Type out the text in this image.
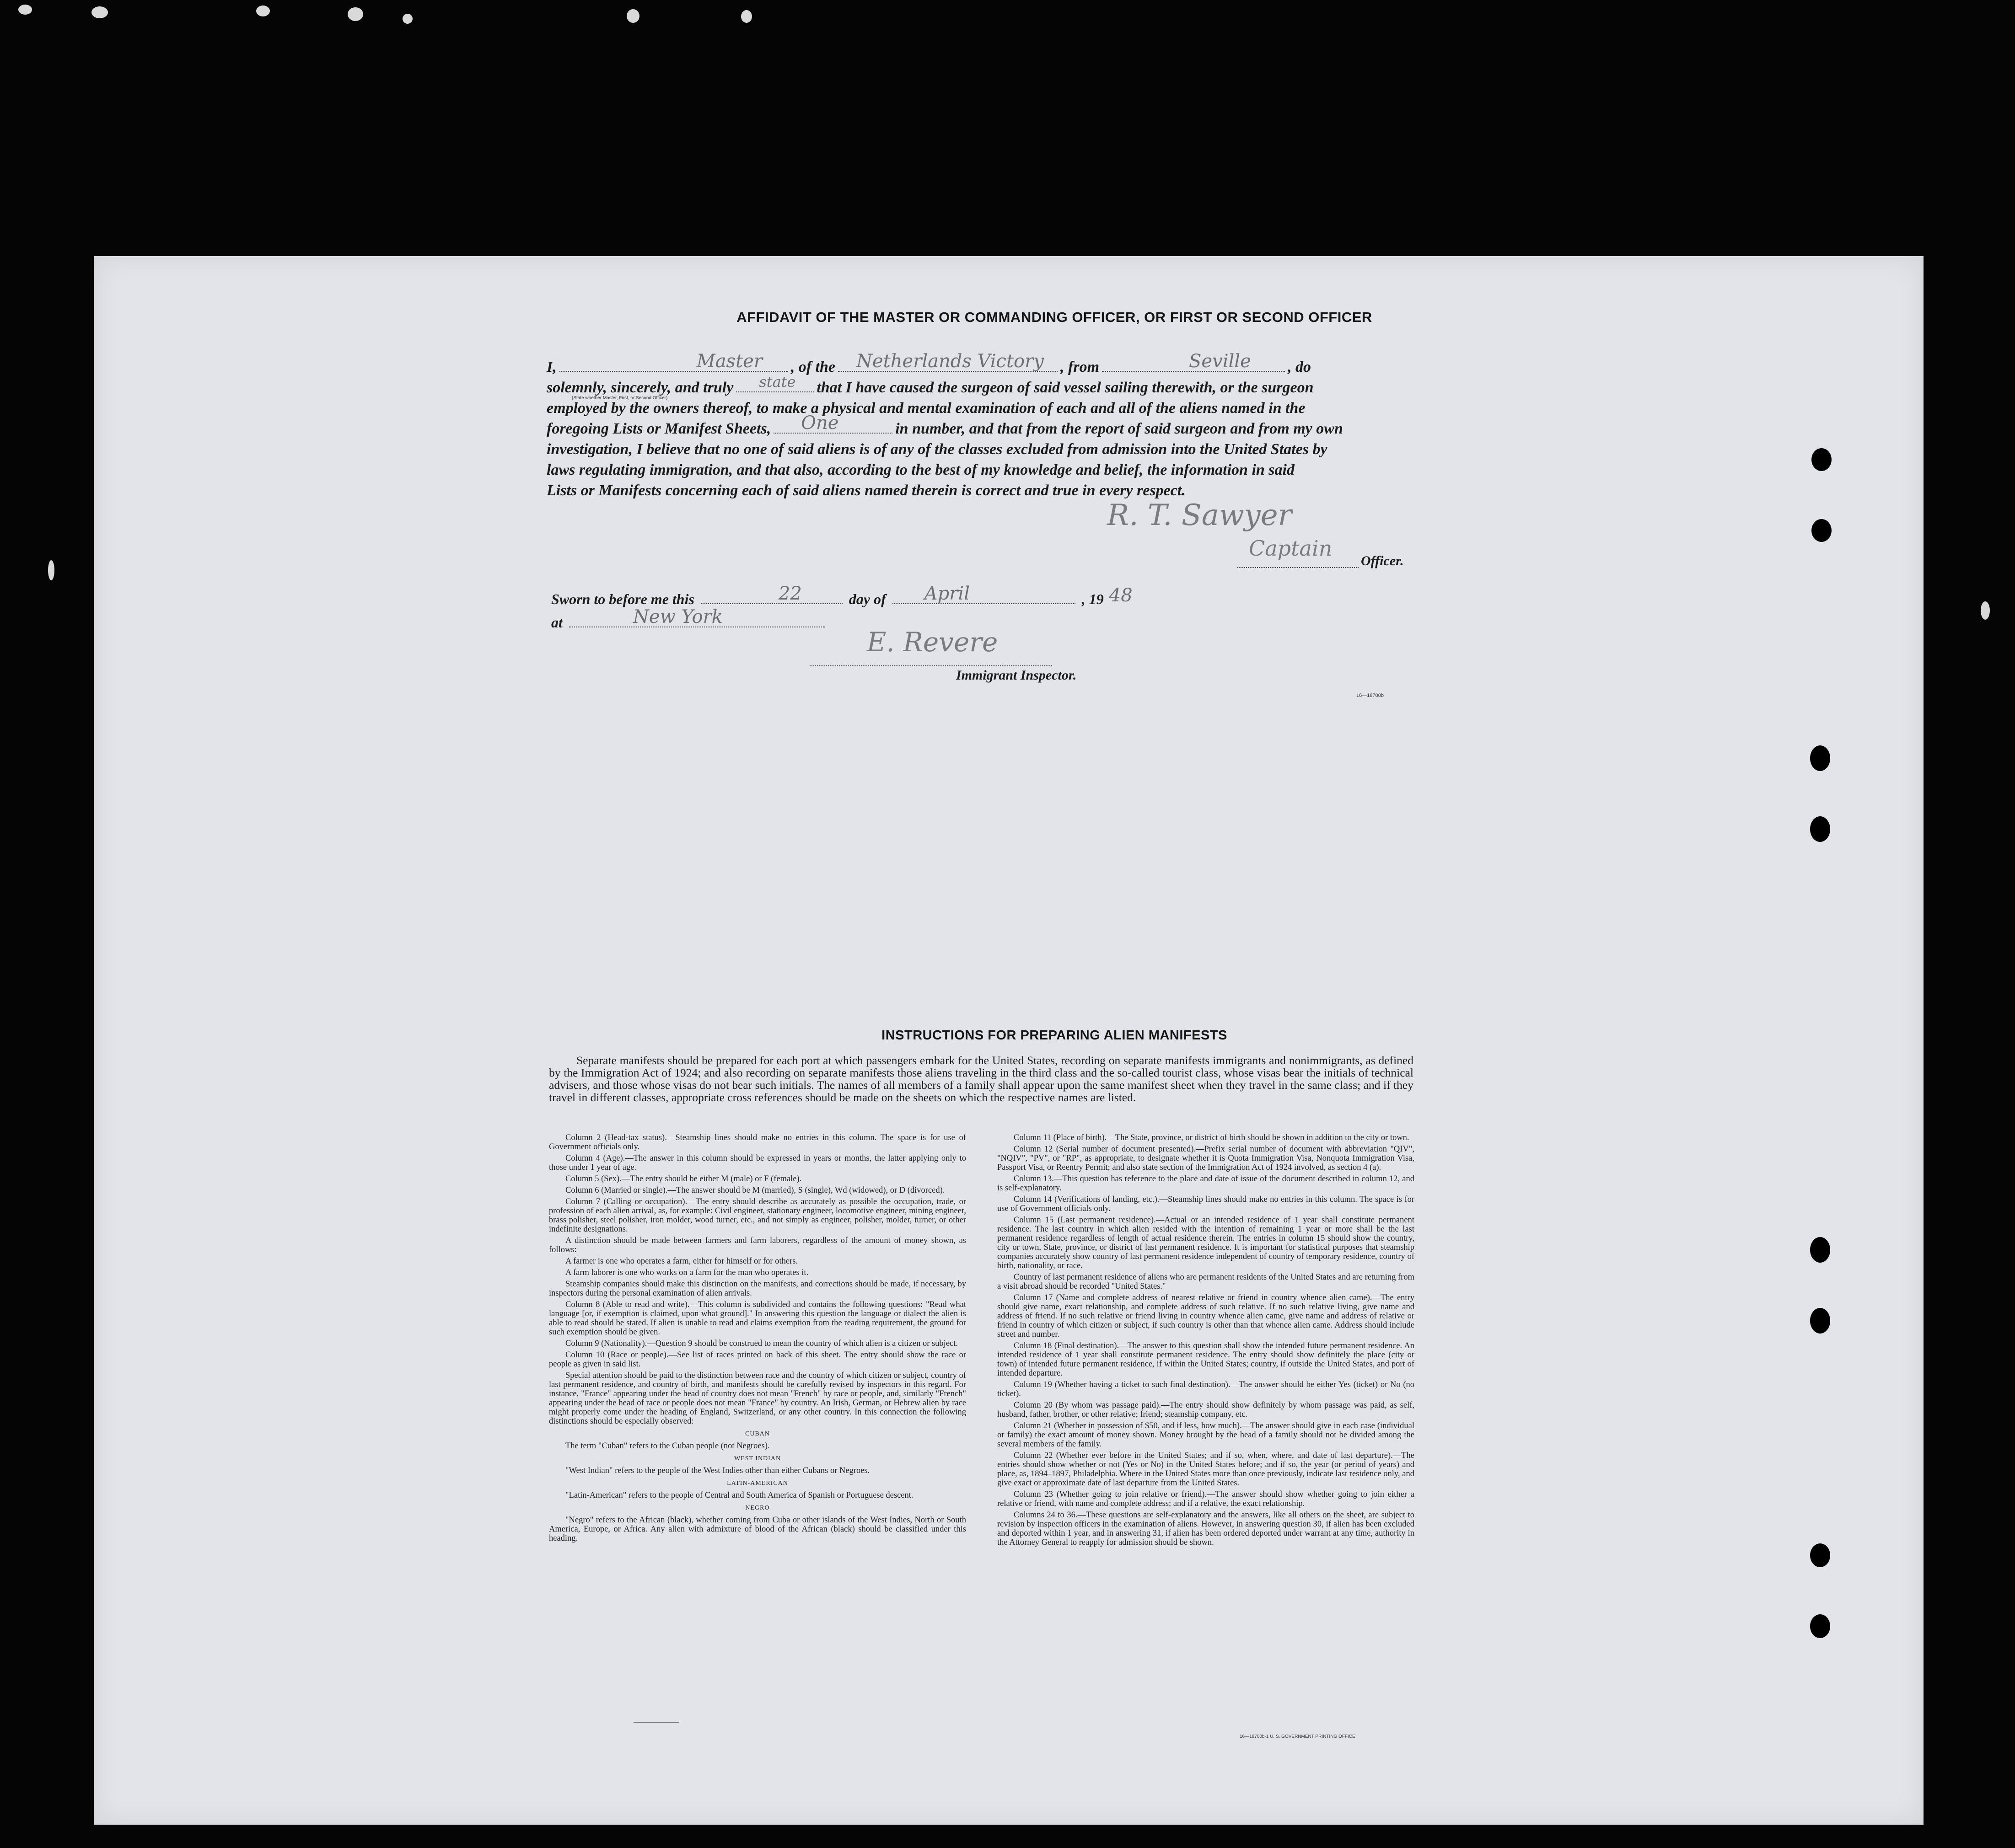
AFFIDAVIT OF THE MASTER OR COMMANDING OFFICER, OR FIRST OR SECOND OFFICER
I,	Master , of the Netherlands Victory , from	Seville , do
solemnly, sincerely, and truly state that I have caused the surgeon of said vessel sailing therewith, or the surgeon
employed by the owners thereof, to make a physical and mental examination of each and all of the aliens named in the
foregoing Lists or Manifest Sheets, One	in number, and that from the report of said surgeon and from my own
investigation, I believe that no one of said aliens is of any of the classes excluded from admission into the United States by
laws regulating immigration, and that also, according to the best of my knowledge and belief, the information in said
Lists or Manifests concerning each of said aliens named therein is correct and true in every respect.
(State whether Master, First, or Second Officer)
R. T. Sawyer
Captain
Officer.
Sworn to before me this	22	day of April	, 19 48
at	New York
E. Revere
Immigrant Inspector.
16—18700b
INSTRUCTIONS FOR PREPARING ALIEN MANIFESTS
Separate manifests should be prepared for each port at which passengers embark for the United States, recording on separate manifests immigrants and nonimmigrants, as defined by the Immigration Act of 1924; and also recording on separate manifests those aliens traveling in the third class and the so-called tourist class, whose visas bear the initials of technical advisers, and those whose visas do not bear such initials. The names of all members of a family shall appear upon the same manifest sheet when they travel in the same class; and if they travel in different classes, appropriate cross references should be made on the sheets on which the respective names are listed.

Column 2 (Head-tax status).—Steamship lines should make no entries in this column. The space is for use of Government officials only.

Column 4 (Age).—The answer in this column should be expressed in years or months, the latter applying only to those under 1 year of age.

Column 5 (Sex).—The entry should be either M (male) or F (female).

Column 6 (Married or single).—The answer should be M (married), S (single), Wd (widowed), or D (divorced).

Column 7 (Calling or occupation).—The entry should describe as accurately as possible the occupation, trade, or profession of each alien arrival, as, for example: Civil engineer, stationary engineer, locomotive engineer, mining engineer, brass polisher, steel polisher, iron molder, wood turner, etc., and not simply as engineer, polisher, molder, turner, or other indefinite designations.

A distinction should be made between farmers and farm laborers, regardless of the amount of money shown, as follows:

A farmer is one who operates a farm, either for himself or for others.

A farm laborer is one who works on a farm for the man who operates it.

Steamship companies should make this distinction on the manifests, and corrections should be made, if necessary, by inspectors during the personal examination of alien arrivals.

Column 8 (Able to read and write).—This column is subdivided and contains the following questions: "Read what language [or, if exemption is claimed, upon what ground]." In answering this question the language or dialect the alien is able to read should be stated. If alien is unable to read and claims exemption from the reading requirement, the ground for such exemption should be given.

Column 9 (Nationality).—Question 9 should be construed to mean the country of which alien is a citizen or subject.

Column 10 (Race or people).—See list of races printed on back of this sheet. The entry should show the race or people as given in said list.

Special attention should be paid to the distinction between race and the country of which citizen or subject, country of last permanent residence, and country of birth, and manifests should be carefully revised by inspectors in this regard. For instance, "France" appearing under the head of country does not mean "French" by race or people, and, similarly "French" appearing under the head of race or people does not mean "France" by country. An Irish, German, or Hebrew alien by race might properly come under the heading of England, Switzerland, or any other country. In this connection the following distinctions should be especially observed:

CUBAN

The term "Cuban" refers to the Cuban people (not Negroes).

WEST INDIAN

"West Indian" refers to the people of the West Indies other than either Cubans or Negroes.

LATIN-AMERICAN

"Latin-American" refers to the people of Central and South America of Spanish or Portuguese descent.

NEGRO

"Negro" refers to the African (black), whether coming from Cuba or other islands of the West Indies, North or South America, Europe, or Africa. Any alien with admixture of blood of the African (black) should be classified under this heading.

Column 11 (Place of birth).—The State, province, or district of birth should be shown in addition to the city or town.

Column 12 (Serial number of document presented).—Prefix serial number of document with abbreviation "QIV", "NQIV", "PV", or "RP", as appropriate, to designate whether it is Quota Immigration Visa, Nonquota Immigration Visa, Passport Visa, or Reentry Permit; and also state section of the Immigration Act of 1924 involved, as section 4 (a).

Column 13.—This question has reference to the place and date of issue of the document described in column 12, and is self-explanatory.

Column 14 (Verifications of landing, etc.).—Steamship lines should make no entries in this column. The space is for use of Government officials only.

Column 15 (Last permanent residence).—Actual or an intended residence of 1 year shall constitute permanent residence. The last country in which alien resided with the intention of remaining 1 year or more shall be the last permanent residence regardless of length of actual residence therein. The entries in column 15 should show the country, city or town, State, province, or district of last permanent residence. It is important for statistical purposes that steamship companies accurately show country of last permanent residence independent of country of temporary residence, country of birth, nationality, or race.

Country of last permanent residence of aliens who are permanent residents of the United States and are returning from a visit abroad should be recorded "United States."

Column 17 (Name and complete address of nearest relative or friend in country whence alien came).—The entry should give name, exact relationship, and complete address of such relative. If no such relative living, give name and address of friend. If no such relative or friend living in country whence alien came, give name and address of relative or friend in country of which citizen or subject, if such country is other than that whence alien came. Address should include street and number.

Column 18 (Final destination).—The answer to this question shall show the intended future permanent residence. An intended residence of 1 year shall constitute permanent residence. The entry should show definitely the place (city or town) of intended future permanent residence, if within the United States; country, if outside the United States, and port of intended departure.

Column 19 (Whether having a ticket to such final destination).—The answer should be either Yes (ticket) or No (no ticket).

Column 20 (By whom was passage paid).—The entry should show definitely by whom passage was paid, as self, husband, father, brother, or other relative; friend; steamship company, etc.

Column 21 (Whether in possession of $50, and if less, how much).—The answer should give in each case (individual or family) the exact amount of money shown. Money brought by the head of a family should not be divided among the several members of the family.

Column 22 (Whether ever before in the United States; and if so, when, where, and date of last departure).—The entries should show whether or not (Yes or No) in the United States before; and if so, the year (or period of years) and place, as, 1894–1897, Philadelphia. Where in the United States more than once previously, indicate last residence only, and give exact or approximate date of last departure from the United States.

Column 23 (Whether going to join relative or friend).—The answer should show whether going to join either a relative or friend, with name and complete address; and if a relative, the exact relationship.

Columns 24 to 36.—These questions are self-explanatory and the answers, like all others on the sheet, are subject to revision by inspection officers in the examination of aliens. However, in answering question 30, if alien has been excluded and deported within 1 year, and in answering 31, if alien has been ordered deported under warrant at any time, authority in the Attorney General to reapply for admission should be shown.

16—18700b-1 U. S. GOVERNMENT PRINTING OFFICE
